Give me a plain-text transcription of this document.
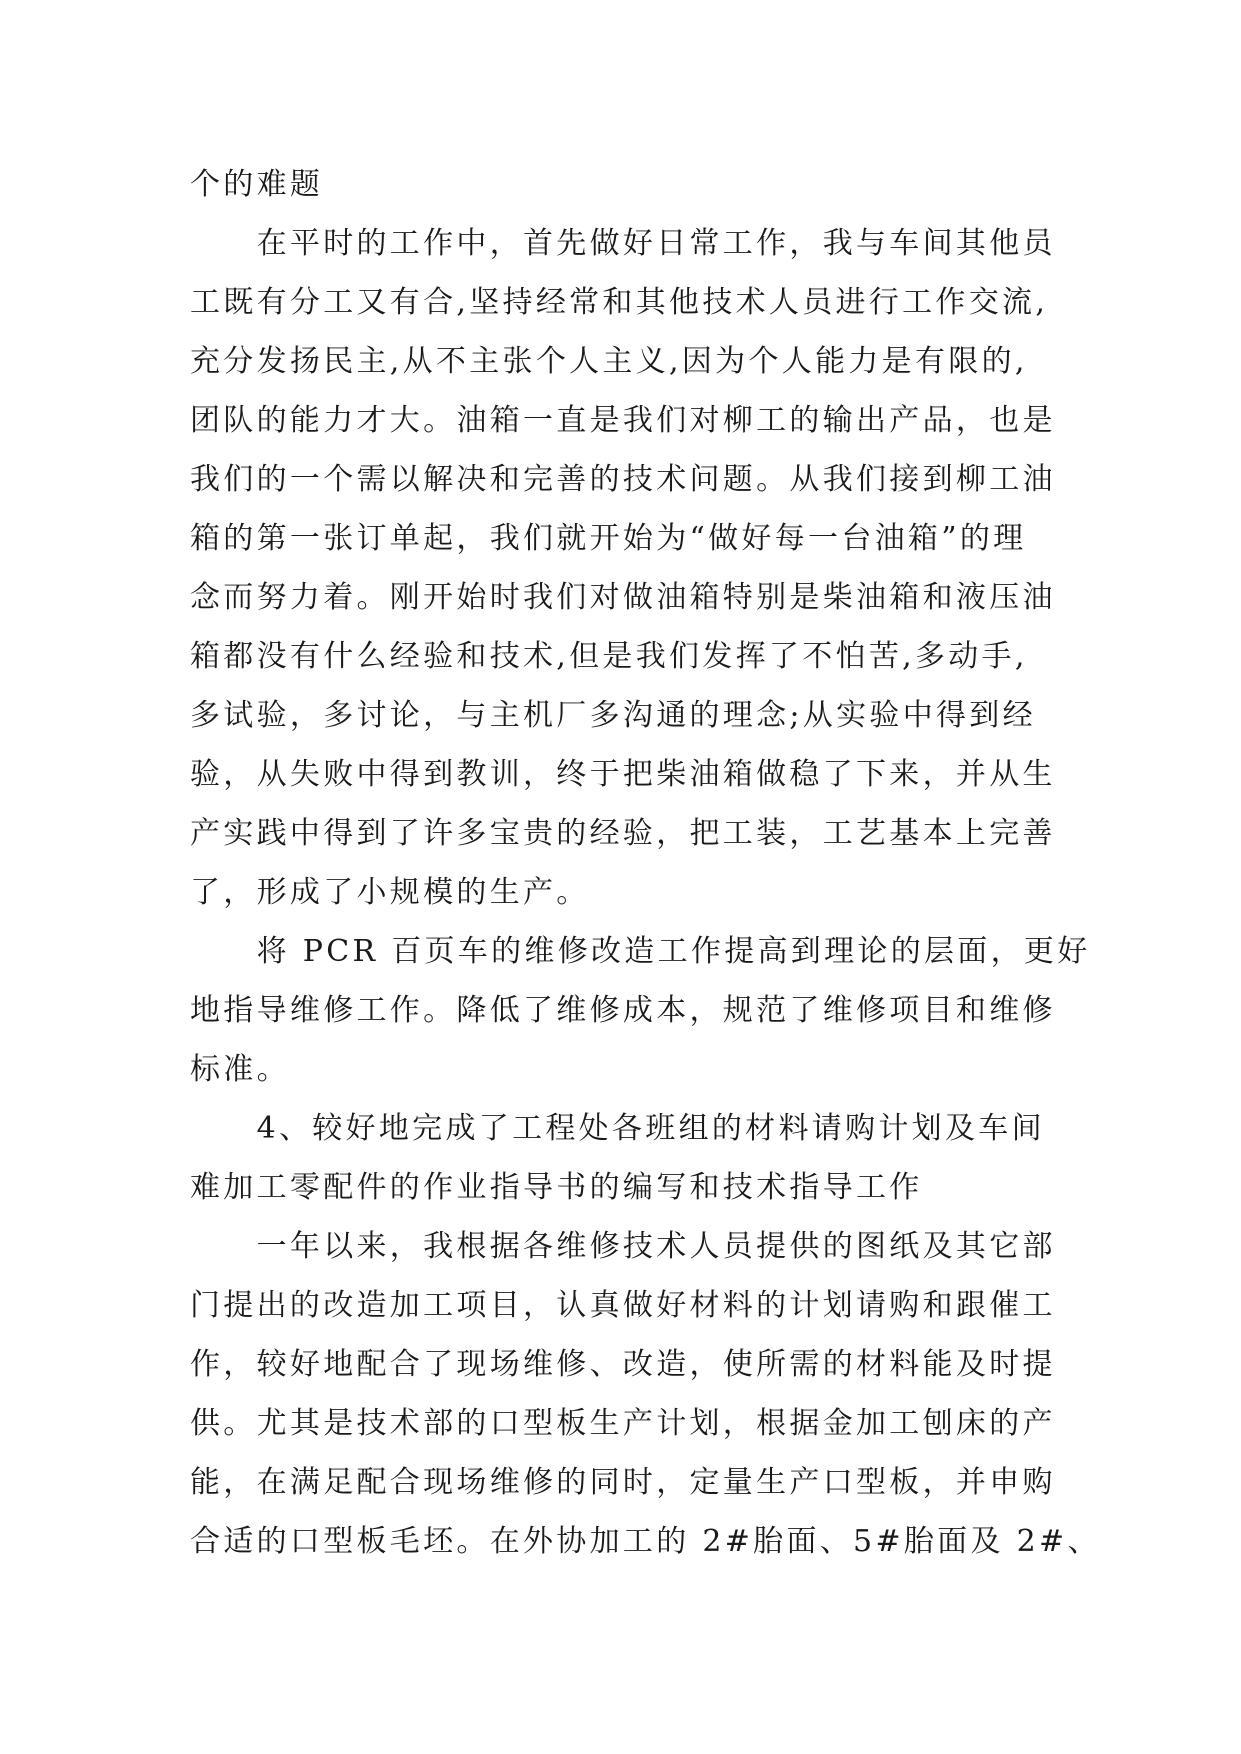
个的难题
　　在平时的工作中，首先做好日常工作，我与车间其他员
工既有分工又有合,坚持经常和其他技术人员进行工作交流,
充分发扬民主,从不主张个人主义,因为个人能力是有限的,
团队的能力才大。油箱一直是我们对柳工的输出产品，也是
我们的一个需以解决和完善的技术问题。从我们接到柳工油
箱的第一张订单起，我们就开始为“做好每一台油箱”的理
念而努力着。刚开始时我们对做油箱特别是柴油箱和液压油
箱都没有什么经验和技术,但是我们发挥了不怕苦,多动手,
多试验，多讨论，与主机厂多沟通的理念;从实验中得到经
验，从失败中得到教训，终于把柴油箱做稳了下来，并从生
产实践中得到了许多宝贵的经验，把工装，工艺基本上完善
了，形成了小规模的生产。
　　将 PCR 百页车的维修改造工作提高到理论的层面，更好
地指导维修工作。降低了维修成本，规范了维修项目和维修
标准。
　　4、较好地完成了工程处各班组的材料请购计划及车间
难加工零配件的作业指导书的编写和技术指导工作
　　一年以来，我根据各维修技术人员提供的图纸及其它部
门提出的改造加工项目，认真做好材料的计划请购和跟催工
作，较好地配合了现场维修、改造，使所需的材料能及时提
供。尤其是技术部的口型板生产计划，根据金加工刨床的产
能，在满足配合现场维修的同时，定量生产口型板，并申购
合适的口型板毛坯。在外协加工的 2#胎面、5#胎面及 2#、
